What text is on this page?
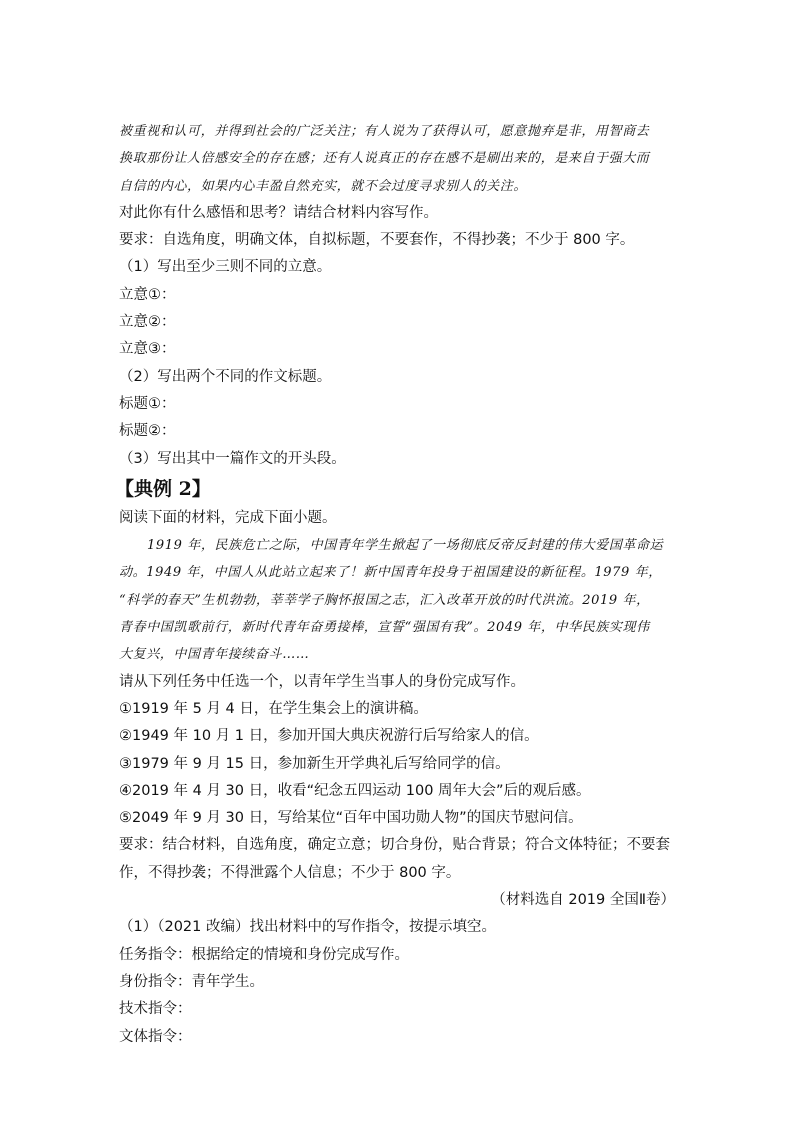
被重视和认可，并得到社会的广泛关注；有人说为了获得认可，愿意抛弃是非，用智商去
换取那份让人倍感安全的存在感；还有人说真正的存在感不是刷出来的，是来自于强大而
自信的内心，如果内心丰盈自然充实，就不会过度寻求别人的关注。
对此你有什么感悟和思考？请结合材料内容写作。
要求：自选角度，明确文体，自拟标题，不要套作，不得抄袭；不少于 800 字。
（1）写出至少三则不同的立意。
立意①：
立意②：
立意③：
（2）写出两个不同的作文标题。
标题①：
标题②：
（3）写出其中一篇作文的开头段。
【典例 2】
阅读下面的材料，完成下面小题。
1919 年，民族危亡之际，中国青年学生掀起了一场彻底反帝反封建的伟大爱国革命运
动。1949 年，中国人从此站立起来了！新中国青年投身于祖国建设的新征程。1979 年，
“科学的春天”生机勃勃，莘莘学子胸怀报国之志，汇入改革开放的时代洪流。2019 年，
青春中国凯歌前行，新时代青年奋勇接棒，宣誓“强国有我”。2049 年，中华民族实现伟
大复兴，中国青年接续奋斗……
请从下列任务中任选一个，以青年学生当事人的身份完成写作。
①1919 年 5 月 4 日，在学生集会上的演讲稿。
②1949 年 10 月 1 日，参加开国大典庆祝游行后写给家人的信。
③1979 年 9 月 15 日，参加新生开学典礼后写给同学的信。
④2019 年 4 月 30 日，收看“纪念五四运动 100 周年大会”后的观后感。
⑤2049 年 9 月 30 日，写给某位“百年中国功勋人物”的国庆节慰问信。
要求：结合材料，自选角度，确定立意；切合身份，贴合背景；符合文体特征；不要套
作，不得抄袭；不得泄露个人信息；不少于 800 字。
（材料选自 2019 全国Ⅱ卷）
（1）（2021 改编）找出材料中的写作指令，按提示填空。
任务指令：根据给定的情境和身份完成写作。
身份指令：青年学生。
技术指令：
文体指令：
